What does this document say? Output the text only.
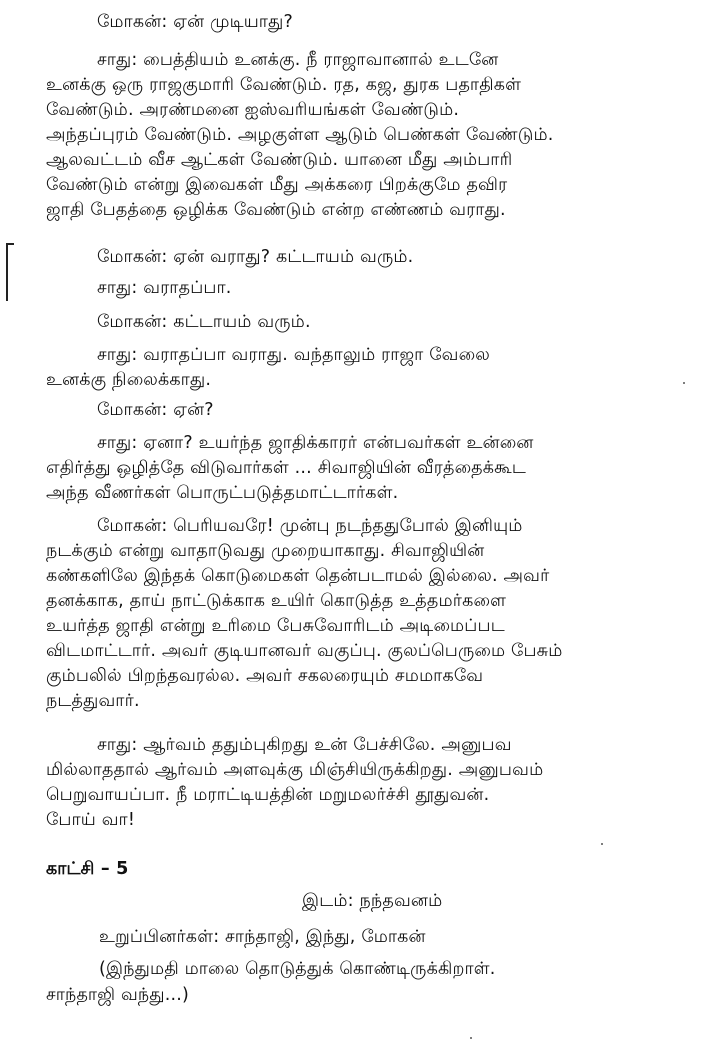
மோகன்: ஏன் முடியாது?

சாது: பைத்தியம் உனக்கு. நீ ராஜாவானால் உடனே

உனக்கு ஒரு ராஜகுமாரி வேண்டும். ரத, கஜ, துரக பதாதிகள்

வேண்டும். அரண்மனை ஐஸ்வரியங்கள் வேண்டும்.

அந்தப்புரம் வேண்டும். அழகுள்ள ஆடும் பெண்கள் வேண்டும்.

ஆலவட்டம் வீச ஆட்கள் வேண்டும். யானை மீது அம்பாரி

வேண்டும் என்று இவைகள் மீது அக்கரை பிறக்குமே தவிர

ஜாதி பேதத்தை ஒழிக்க வேண்டும் என்ற எண்ணம் வராது.

மோகன்: ஏன் வராது? கட்டாயம் வரும்.

சாது: வராதப்பா.

மோகன்: கட்டாயம் வரும்.

சாது: வராதப்பா வராது. வந்தாலும் ராஜா வேலை

உனக்கு நிலைக்காது.

மோகன்: ஏன்?

சாது: ஏனா? உயர்ந்த ஜாதிக்காரர் என்பவர்கள் உன்னை

எதிர்த்து ஒழித்தே விடுவார்கள் ... சிவாஜியின் வீரத்தைக்கூட

அந்த வீணர்கள் பொருட்படுத்தமாட்டார்கள்.

மோகன்: பெரியவரே! முன்பு நடந்ததுபோல் இனியும்

நடக்கும் என்று வாதாடுவது முறையாகாது. சிவாஜியின்

கண்களிலே இந்தக் கொடுமைகள் தென்படாமல் இல்லை. அவர்

தனக்காக, தாய் நாட்டுக்காக உயிர் கொடுத்த உத்தமர்களை

உயர்த்த ஜாதி என்று உரிமை பேசுவோரிடம் அடிமைப்பட

விடமாட்டார். அவர் குடியானவர் வகுப்பு. குலப்பெருமை பேசும்

கும்பலில் பிறந்தவரல்ல. அவர் சகலரையும் சமமாகவே

நடத்துவார்.

சாது: ஆர்வம் ததும்புகிறது உன் பேச்சிலே. அனுபவ

மில்லாததால் ஆர்வம் அளவுக்கு மிஞ்சியிருக்கிறது. அனுபவம்

பெறுவாயப்பா. நீ மராட்டியத்தின் மறுமலர்ச்சி தூதுவன்.

போய் வா!

காட்சி – 5

இடம்: நந்தவனம்

உறுப்பினர்கள்: சாந்தாஜி, இந்து, மோகன்

(இந்துமதி மாலை தொடுத்துக் கொண்டிருக்கிறாள்.

சாந்தாஜி வந்து...)
